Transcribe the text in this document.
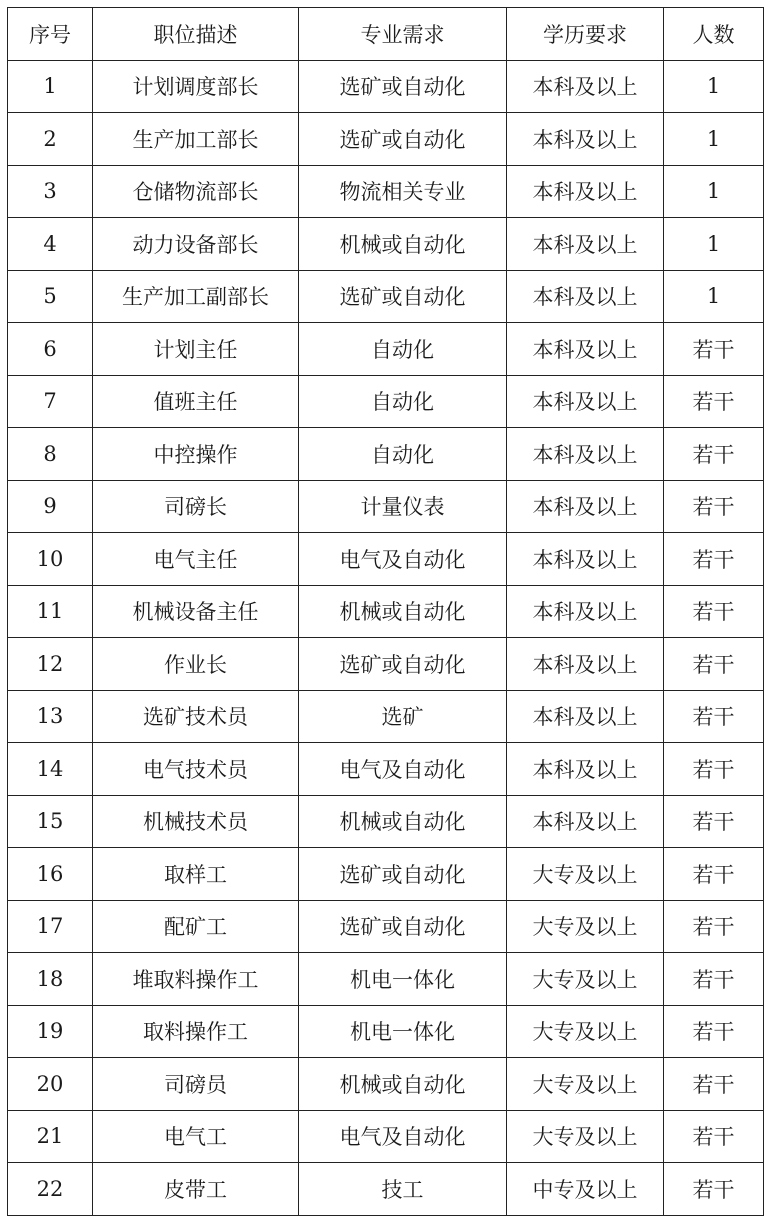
序号	职位描述	专业需求	学历要求	人数
1	计划调度部长	选矿或自动化	本科及以上	1
2	生产加工部长	选矿或自动化	本科及以上	1
3	仓储物流部长	物流相关专业	本科及以上	1
4	动力设备部长	机械或自动化	本科及以上	1
5	生产加工副部长	选矿或自动化	本科及以上	1
6	计划主任	自动化	本科及以上	若干
7	值班主任	自动化	本科及以上	若干
8	中控操作	自动化	本科及以上	若干
9	司磅长	计量仪表	本科及以上	若干
10	电气主任	电气及自动化	本科及以上	若干
11	机械设备主任	机械或自动化	本科及以上	若干
12	作业长	选矿或自动化	本科及以上	若干
13	选矿技术员	选矿	本科及以上	若干
14	电气技术员	电气及自动化	本科及以上	若干
15	机械技术员	机械或自动化	本科及以上	若干
16	取样工	选矿或自动化	大专及以上	若干
17	配矿工	选矿或自动化	大专及以上	若干
18	堆取料操作工	机电一体化	大专及以上	若干
19	取料操作工	机电一体化	大专及以上	若干
20	司磅员	机械或自动化	大专及以上	若干
21	电气工	电气及自动化	大专及以上	若干
22	皮带工	技工	中专及以上	若干
